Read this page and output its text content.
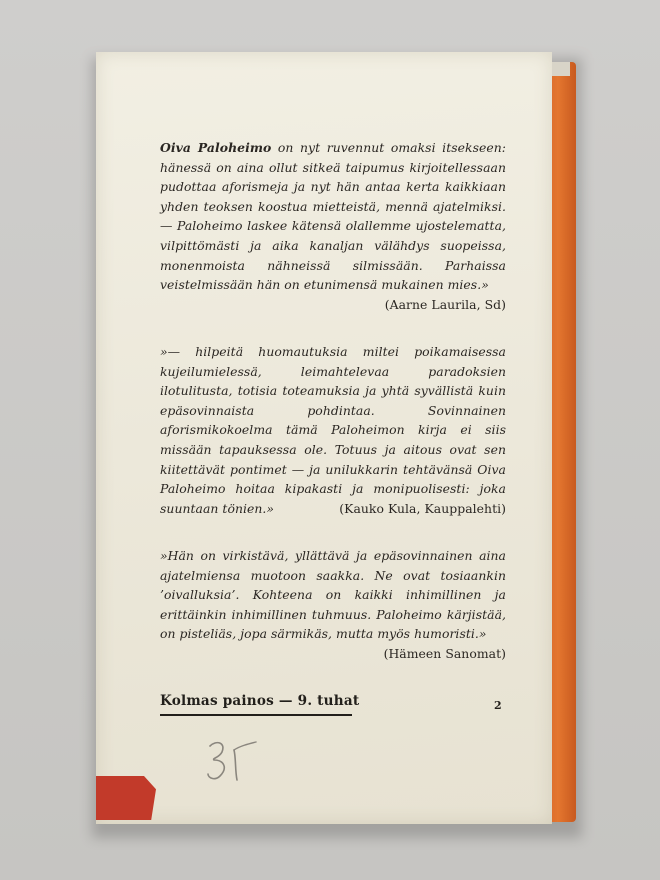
Oiva Paloheimo on nyt ruvennut omaksi itsekseen: hänessä on aina ollut sitkeä taipumus kirjoitellessaan pudottaa aforismeja ja nyt hän antaa kerta kaikkiaan yhden teoksen koostua mietteistä, mennä ajatelmiksi. — Paloheimo laskee kätensä olallemme ujostelematta, vilpittömästi ja aika kanaljan välähdys suopeissa, monenmoista nähneissä silmissään. Parhaissa veistelmissään hän on etunimensä mukainen mies.»
(Aarne Laurila, Sd)

»— hilpeitä huomautuksia miltei poikamaisessa kujeilumielessä, leimahtelevaa paradoksien ilotulitusta, totisia toteamuksia ja yhtä syvällistä kuin epäsovinnaista pohdintaa. Sovinnainen aforismikokoelma tämä Paloheimon kirja ei siis missään tapauksessa ole. Totuus ja aitous ovat sen kiitettävät pontimet — ja unilukkarin tehtävänsä Oiva Paloheimo hoitaa kipakasti ja monipuolisesti: joka suuntaan tönien.»	(Kauko Kula, Kauppalehti)

»Hän on virkistävä, yllättävä ja epäsovinnainen aina ajatelmiensa muotoon saakka. Ne ovat tosiaankin ’oivalluksia’. Kohteena on kaikki inhimillinen ja erittäinkin inhimillinen tuhmuus. Paloheimo kärjistää, on pisteliäs, jopa särmikäs, mutta myös humoristi.»
(Hämeen Sanomat)

Kolmas painos — 9. tuhat	2
